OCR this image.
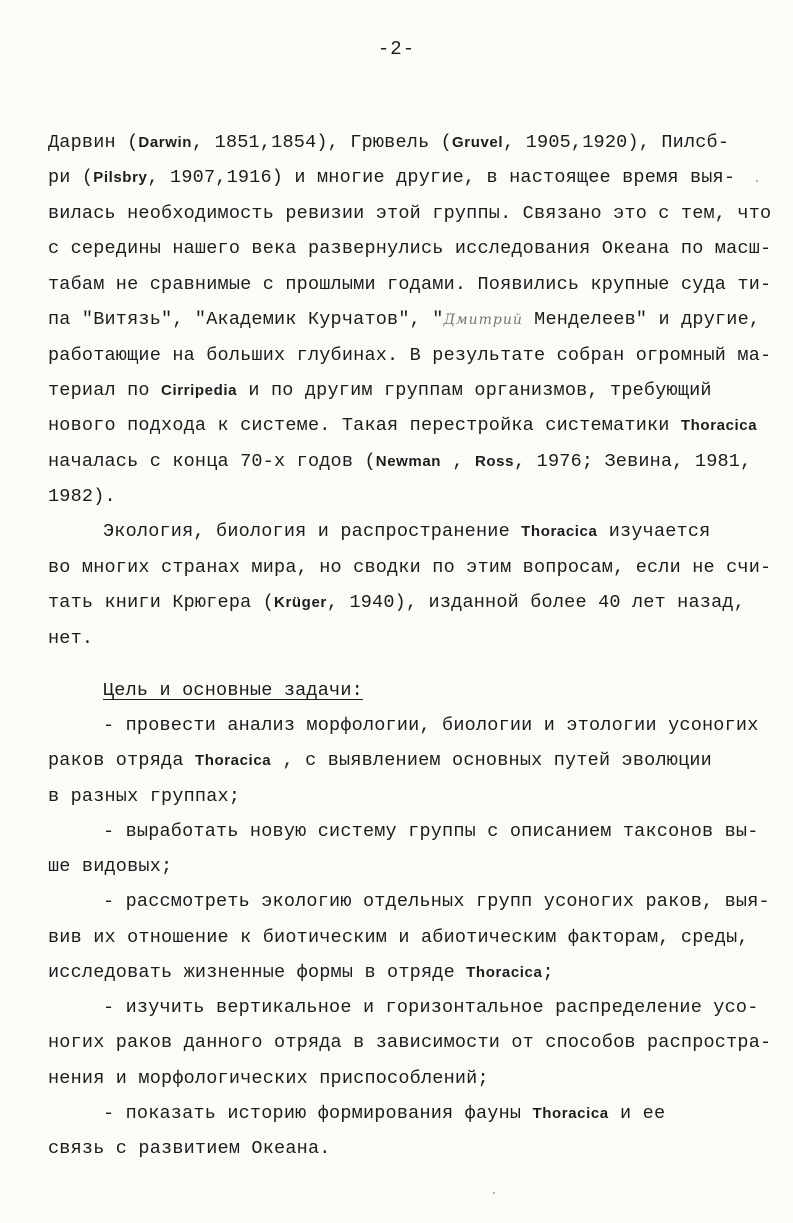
-2-
Дарвин (Darwin, 1851,1854), Грювель (Gruvel, 1905,1920), Пилсб-
ри (Pilsbry, 1907,1916) и многие другие, в настоящее время выя-
вилась необходимость ревизии этой группы. Связано это с тем, что
с середины нашего века развернулись исследования Океана по масш-
табам не сравнимые с прошлыми годами. Появились крупные суда ти-
па "Витязь", "Академик Курчатов", "Дмитрий Менделеев" и другие,
работающие на больших глубинах. В результате собран огромный ма-
териал по Cirripedia и по другим группам организмов, требующий
нового подхода к системе. Такая перестройка систематики Thoracica
началась с конца 70-х годов (Newman , Ross, 1976; Зевина, 1981,
1982).
Экология, биология и распространение Thoracica изучается
во многих странах мира, но сводки по этим вопросам, если не счи-
тать книги Крюгера (Krüger, 1940), изданной более 40 лет назад,
нет.
Цель и основные задачи:
- провести анализ морфологии, биологии и этологии усоногих
раков отряда Thoracica , с выявлением основных путей эволюции
в разных группах;
- выработать новую систему группы с описанием таксонов вы-
ше видовых;
- рассмотреть экологию отдельных групп усоногих раков, выя-
вив их отношение к биотическим и абиотическим факторам, среды,
исследовать жизненные формы в отряде Thoracica;
- изучить вертикальное и горизонтальное распределение усо-
ногих раков данного отряда в зависимости от способов распростра-
нения и морфологических приспособлений;
- показать историю формирования фауны Thoracica и ее
связь с развитием Океана.
